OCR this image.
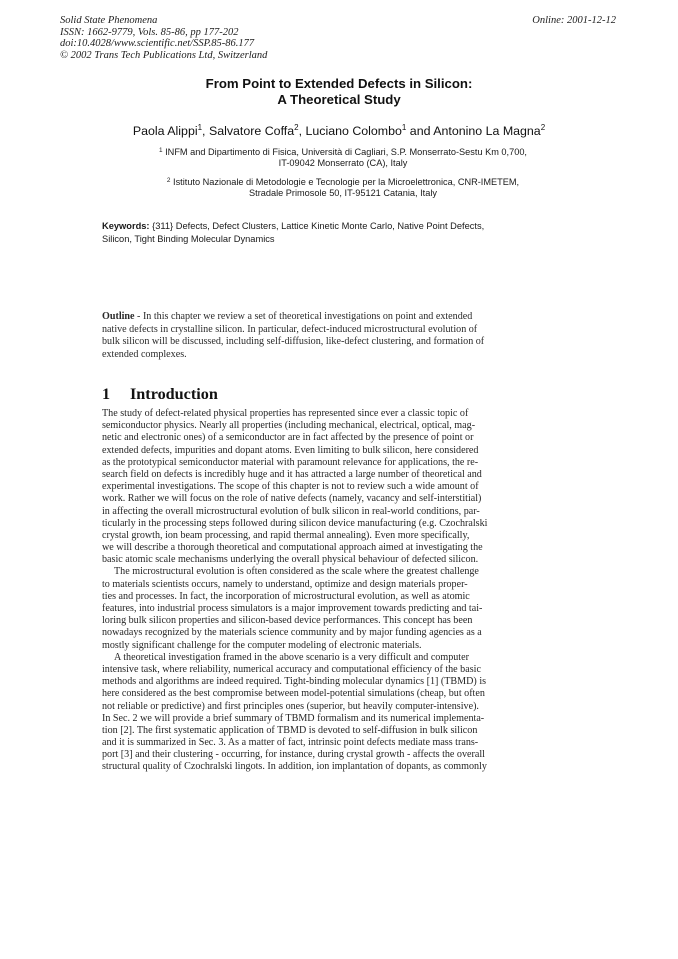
Solid State Phenomena
ISSN: 1662-9779, Vols. 85-86, pp 177-202
doi:10.4028/www.scientific.net/SSP.85-86.177
© 2002 Trans Tech Publications Ltd, Switzerland
Online: 2001-12-12
From Point to Extended Defects in Silicon:
A Theoretical Study
Paola Alippi$^1$, Salvatore Coffa$^2$, Luciano Colombo$^1$ and Antonino La Magna$^2$
$^1$ INFM and Dipartimento di Fisica, Università di Cagliari, S.P. Monserrato-Sestu Km 0,700,
IT-09042 Monserrato (CA), Italy
$^2$ Istituto Nazionale di Metodologie e Tecnologie per la Microelettronica, CNR-IMETEM,
Stradale Primosole 50, IT-95121 Catania, Italy
Keywords: {311} Defects, Defect Clusters, Lattice Kinetic Monte Carlo, Native Point Defects,
Silicon, Tight Binding Molecular Dynamics
Outline - In this chapter we review a set of theoretical investigations on point and extended
native defects in crystalline silicon. In particular, defect-induced microstructural evolution of
bulk silicon will be discussed, including self-diffusion, like-defect clustering, and formation of
extended complexes.
1 Introduction
The study of defect-related physical properties has represented since ever a classic topic of
semiconductor physics. Nearly all properties (including mechanical, electrical, optical, mag-
netic and electronic ones) of a semiconductor are in fact affected by the presence of point or
extended defects, impurities and dopant atoms. Even limiting to bulk silicon, here considered
as the prototypical semiconductor material with paramount relevance for applications, the re-
search field on defects is incredibly huge and it has attracted a large number of theoretical and
experimental investigations. The scope of this chapter is not to review such a wide amount of
work. Rather we will focus on the role of native defects (namely, vacancy and self-interstitial)
in affecting the overall microstructural evolution of bulk silicon in real-world conditions, par-
ticularly in the processing steps followed during silicon device manufacturing (e.g. Czochralski
crystal growth, ion beam processing, and rapid thermal annealing). Even more specifically,
we will describe a thorough theoretical and computational approach aimed at investigating the
basic atomic scale mechanisms underlying the overall physical behaviour of defected silicon.
The microstructural evolution is often considered as the scale where the greatest challenge
to materials scientists occurs, namely to understand, optimize and design materials proper-
ties and processes. In fact, the incorporation of microstructural evolution, as well as atomic
features, into industrial process simulators is a major improvement towards predicting and tai-
loring bulk silicon properties and silicon-based device performances. This concept has been
nowadays recognized by the materials science community and by major funding agencies as a
mostly significant challenge for the computer modeling of electronic materials.
A theoretical investigation framed in the above scenario is a very difficult and computer
intensive task, where reliability, numerical accuracy and computational efficiency of the basic
methods and algorithms are indeed required. Tight-binding molecular dynamics [1] (TBMD) is
here considered as the best compromise between model-potential simulations (cheap, but often
not reliable or predictive) and first principles ones (superior, but heavily computer-intensive).
In Sec. 2 we will provide a brief summary of TBMD formalism and its numerical implementa-
tion [2]. The first systematic application of TBMD is devoted to self-diffusion in bulk silicon
and it is summarized in Sec. 3. As a matter of fact, intrinsic point defects mediate mass trans-
port [3] and their clustering - occurring, for instance, during crystal growth - affects the overall
structural quality of Czochralski lingots. In addition, ion implantation of dopants, as commonly
